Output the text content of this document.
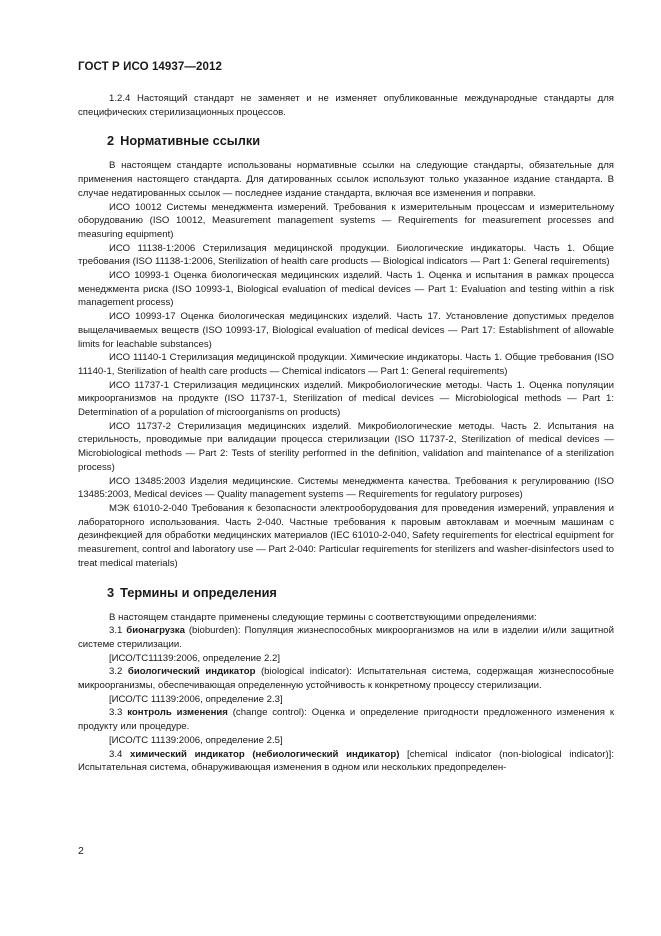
ГОСТ Р ИСО 14937—2012

1.2.4 Настоящий стандарт не заменяет и не изменяет опубликованные международные стандарты для специфических стерилизационных процессов.

2 Нормативные ссылки

В настоящем стандарте использованы нормативные ссылки на следующие стандарты, обязательные для применения настоящего стандарта. Для датированных ссылок используют только указанное издание стандарта. В случае недатированных ссылок — последнее издание стандарта, включая все изменения и поправки.

ИСО 10012 Системы менеджмента измерений. Требования к измерительным процессам и измерительному оборудованию (ISO 10012, Measurement management systems — Requirements for measurement processes and measuring equipment)

ИСО 11138-1:2006 Стерилизация медицинской продукции. Биологические индикаторы. Часть 1. Общие требования (ISO 11138-1:2006, Sterilization of health care products — Biological indicators — Part 1: General requirements)

ИСО 10993-1 Оценка биологическая медицинских изделий. Часть 1. Оценка и испытания в рамках процесса менеджмента риска (ISO 10993-1, Biological evaluation of medical devices — Part 1: Evaluation and testing within a risk management process)

ИСО 10993-17 Оценка биологическая медицинских изделий. Часть 17. Установление допустимых пределов выщелачиваемых веществ (ISO 10993-17, Biological evaluation of medical devices — Part 17: Establishment of allowable limits for leachable substances)

ИСО 11140-1 Стерилизация медицинской продукции. Химические индикаторы. Часть 1. Общие требования (ISO 11140-1, Sterilization of health care products — Chemical indicators — Part 1: General requirements)

ИСО 11737-1 Стерилизация медицинских изделий. Микробиологические методы. Часть 1. Оценка популяции микроорганизмов на продукте (ISO 11737-1, Sterilization of medical devices — Microbiological methods — Part 1: Determination of a population of microorganisms on products)

ИСО 11737-2 Стерилизация медицинских изделий. Микробиологические методы. Часть 2. Испытания на стерильность, проводимые при валидации процесса стерилизации (ISO 11737-2, Sterilization of medical devices — Microbiological methods — Part 2: Tests of sterility performed in the definition, validation and maintenance of a sterilization process)

ИСО 13485:2003 Изделия медицинские. Системы менеджмента качества. Требования к регулированию (ISO 13485:2003, Medical devices — Quality management systems — Requirements for regulatory purposes)

МЭК 61010-2-040 Требования к безопасности электрооборудования для проведения измерений, управления и лабораторного использования. Часть 2-040. Частные требования к паровым автоклавам и моечным машинам с дезинфекцией для обработки медицинских материалов (IEC 61010-2-040, Safety requirements for electrical equipment for measurement, control and laboratory use — Part 2-040: Particular requirements for sterilizers and washer-disinfectors used to treat medical materials)

3 Термины и определения

В настоящем стандарте применены следующие термины с соответствующими определениями:

3.1 бионагрузка (bioburden): Популяция жизнеспособных микроорганизмов на или в изделии и/или защитной системе стерилизации.

[ИСО/ТС11139:2006, определение 2.2]

3.2 биологический индикатор (biological indicator): Испытательная система, содержащая жизнеспособные микроорганизмы, обеспечивающая определенную устойчивость к конкретному процессу стерилизации.

[ИСО/ТС 11139:2006, определение 2.3]

3.3 контроль изменения (change control): Оценка и определение пригодности предложенного изменения к продукту или процедуре.

[ИСО/ТС 11139:2006, определение 2.5]

3.4 химический индикатор (небиологический индикатор) [chemical indicator (non-biological indicator)]: Испытательная система, обнаруживающая изменения в одном или нескольких предопределен-

2
